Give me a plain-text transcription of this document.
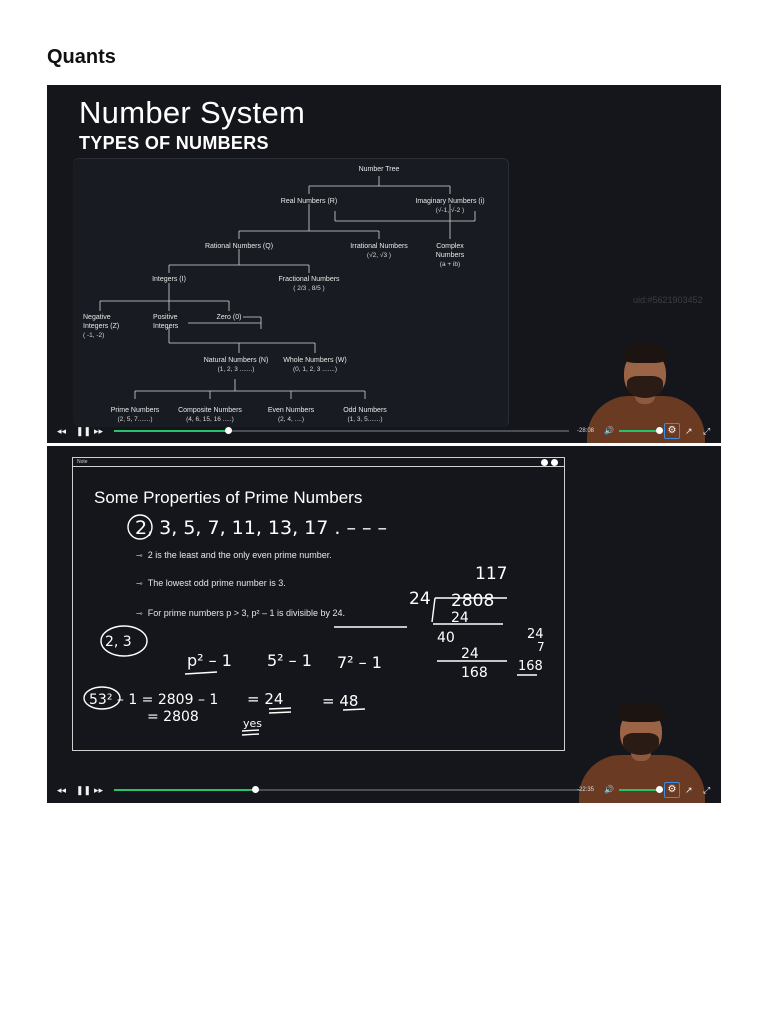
Quants
Number System
TYPES OF NUMBERS
Number Tree
Real Numbers (R)	Imaginary Numbers (i)
(√-1, √-2 )
Rational Numbers (Q)	Irrational Numbers
(√2, √3 )
Complex Numbers
(a + ib)
Integers (I)	Fractional Numbers
( 2/3 , 8/5 )
Negative Integers (Z)
( -1, -2)
Positive Integers
Zero (0)
Natural Numbers (N)
(1, 2, 3 .......)
Whole Numbers (W)
(0, 1, 2, 3 .......)
Prime Numbers
(2, 5, 7.......)
Composite Numbers
(4, 6, 15, 16 .....)
Even Numbers
(2, 4, ....)
Odd Numbers
(1, 3, 5.......)
uid:#5621903452
◂◂ ❚❚ ▸▸	-28:08 🔊	⚙ ↗ ⤢
Note
Some Properties of Prime Numbers
⊸ 2 is the least and the only even prime number.
⊸ The lowest odd prime number is 3.
⊸ For prime numbers p > 3, p² – 1 is divisible by 24.
2, 3, 5, 7, 11, 13, 17 . – – –
2, 3
p² – 1 5² – 1 7² – 1
53² – 1 = 2809 – 1
= 2808
= 24	= 48
yes
117
24 2808
24
40
24
168
24
7
168
◂◂ ❚❚ ▸▸	-22:35 🔊	⚙ ↗ ⤢
